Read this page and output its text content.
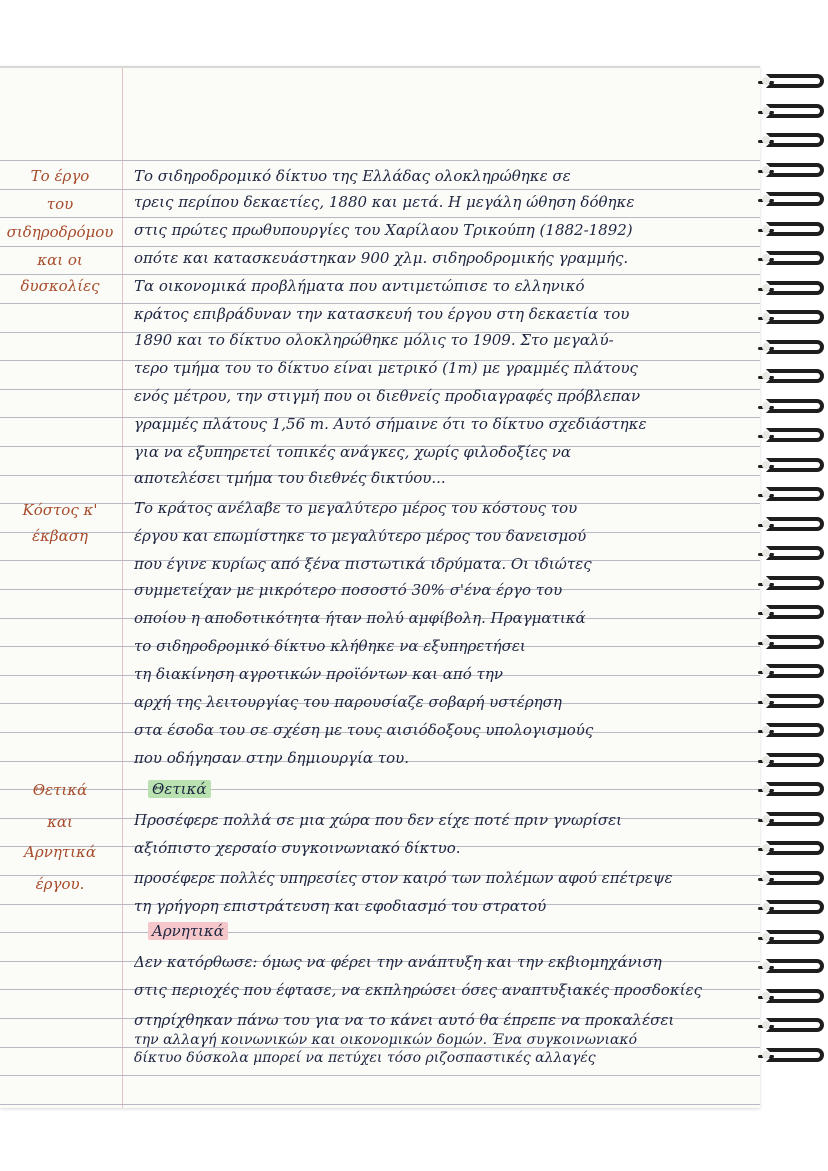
Το έργο
του
σιδηροδρόμου
και οι
δυσκολίες
Κόστος κ'
έκβαση
Θετικά
και
Αρνητικά
έργου.
Το σιδηροδρομικό δίκτυο της Ελλάδας ολοκληρώθηκε σε
τρεις περίπου δεκαετίες, 1880 και μετά. Η μεγάλη ώθηση δόθηκε
στις πρώτες πρωθυπουργίες του Χαρίλαου Τρικούπη (1882-1892)
οπότε και κατασκευάστηκαν 900 χλμ. σιδηροδρομικής γραμμής.
Τα οικονομικά προβλήματα που αντιμετώπισε το ελληνικό
κράτος επιβράδυναν την κατασκευή του έργου στη δεκαετία του
1890 και το δίκτυο ολοκληρώθηκε μόλις το 1909. Στο μεγαλύ-
τερο τμήμα του το δίκτυο είναι μετρικό (1m) με γραμμές πλάτους
ενός μέτρου, την στιγμή που οι διεθνείς προδιαγραφές πρόβλεπαν
γραμμές πλάτους 1,56 m. Αυτό σήμαινε ότι το δίκτυο σχεδιάστηκε
για να εξυπηρετεί τοπικές ανάγκες, χωρίς φιλοδοξίες να
αποτελέσει τμήμα του διεθνές δικτύου...
Το κράτος ανέλαβε το μεγαλύτερο μέρος του κόστους του
έργου και επωμίστηκε το μεγαλύτερο μέρος του δανεισμού
που έγινε κυρίως από ξένα πιστωτικά ιδρύματα. Οι ιδιώτες
συμμετείχαν με μικρότερο ποσοστό 30% σ'ένα έργο του
οποίου η αποδοτικότητα ήταν πολύ αμφίβολη. Πραγματικά
το σιδηροδρομικό δίκτυο κλήθηκε να εξυπηρετήσει
τη διακίνηση αγροτικών προϊόντων και από την
αρχή της λειτουργίας του παρουσίαζε σοβαρή υστέρηση
στα έσοδα του σε σχέση με τους αισιόδοξους υπολογισμούς
που οδήγησαν στην δημιουργία του.
Προσέφερε πολλά σε μια χώρα που δεν είχε ποτέ πριν γνωρίσει
αξιόπιστο χερσαίο συγκοινωνιακό δίκτυο.
προσέφερε πολλές υπηρεσίες στον καιρό των πολέμων αφού επέτρεψε
τη γρήγορη επιστράτευση και εφοδιασμό του στρατού
Δεν κατόρθωσε: όμως να φέρει την ανάπτυξη και την εκβιομηχάνιση
στις περιοχές που έφτασε, να εκπληρώσει όσες αναπτυξιακές προσδοκίες
στηρίχθηκαν πάνω του για να το κάνει αυτό θα έπρεπε να προκαλέσει
την αλλαγή κοινωνικών και οικονομικών δομών. Ένα συγκοινωνιακό
δίκτυο δύσκολα μπορεί να πετύχει τόσο ριζοσπαστικές αλλαγές
Θετικά
Αρνητικά
